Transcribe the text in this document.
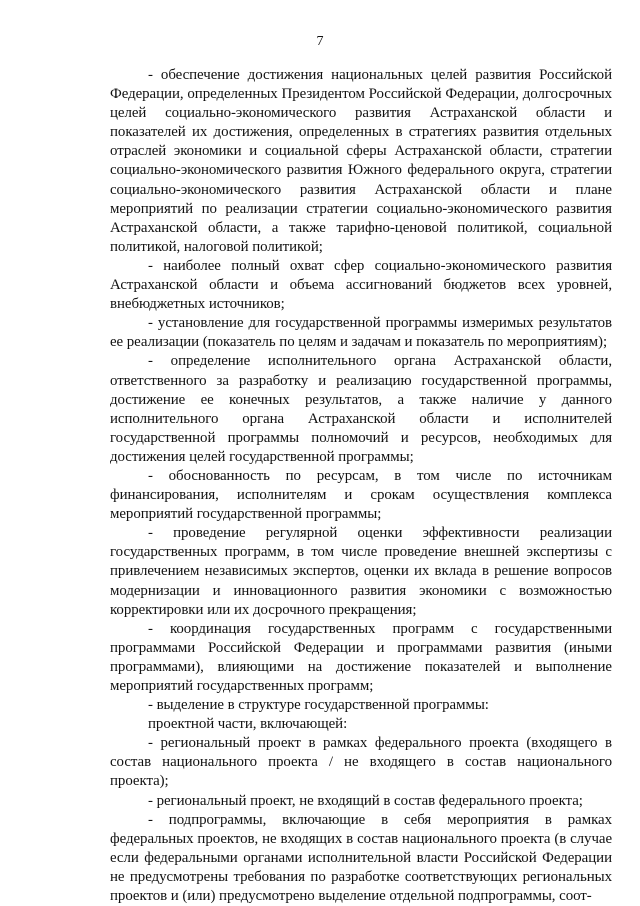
7

- обеспечение достижения национальных целей развития Российской Федерации, определенных Президентом Российской Федерации, долгосрочных целей социально-экономического развития Астраханской области и показателей их достижения, определенных в стратегиях развития отдельных отраслей экономики и социальной сферы Астраханской области, стратегии социально-экономического развития Южного федерального округа, стратегии социально-экономического развития Астраханской области и плане мероприятий по реализации стратегии социально-экономического развития Астраханской области, а также тарифно-ценовой политикой, социальной политикой, налоговой политикой;

- наиболее полный охват сфер социально-экономического развития Астраханской области и объема ассигнований бюджетов всех уровней, внебюджетных источников;

- установление для государственной программы измеримых результатов ее реализации (показатель по целям и задачам и показатель по мероприятиям);

- определение исполнительного органа Астраханской области, ответственного за разработку и реализацию государственной программы, достижение ее конечных результатов, а также наличие у данного исполнительного органа Астраханской области и исполнителей государственной программы полномочий и ресурсов, необходимых для достижения целей государственной программы;

- обоснованность по ресурсам, в том числе по источникам финансирования, исполнителям и срокам осуществления комплекса мероприятий государственной программы;

- проведение регулярной оценки эффективности реализации государственных программ, в том числе проведение внешней экспертизы с привлечением независимых экспертов, оценки их вклада в решение вопросов модернизации и инновационного развития экономики с возможностью корректировки или их досрочного прекращения;

- координация государственных программ с государственными программами Российской Федерации и программами развития (иными программами), влияющими на достижение показателей и выполнение мероприятий государственных программ;

- выделение в структуре государственной программы:

проектной части, включающей:

- региональный проект в рамках федерального проекта (входящего в состав национального проекта / не входящего в состав национального проекта);

- региональный проект, не входящий в состав федерального проекта;

- подпрограммы, включающие в себя мероприятия в рамках федеральных проектов, не входящих в состав национального проекта (в случае если федеральными органами исполнительной власти Российской Федерации не предусмотрены требования по разработке соответствующих региональных проектов и (или) предусмотрено выделение отдельной подпрограммы, соот-
